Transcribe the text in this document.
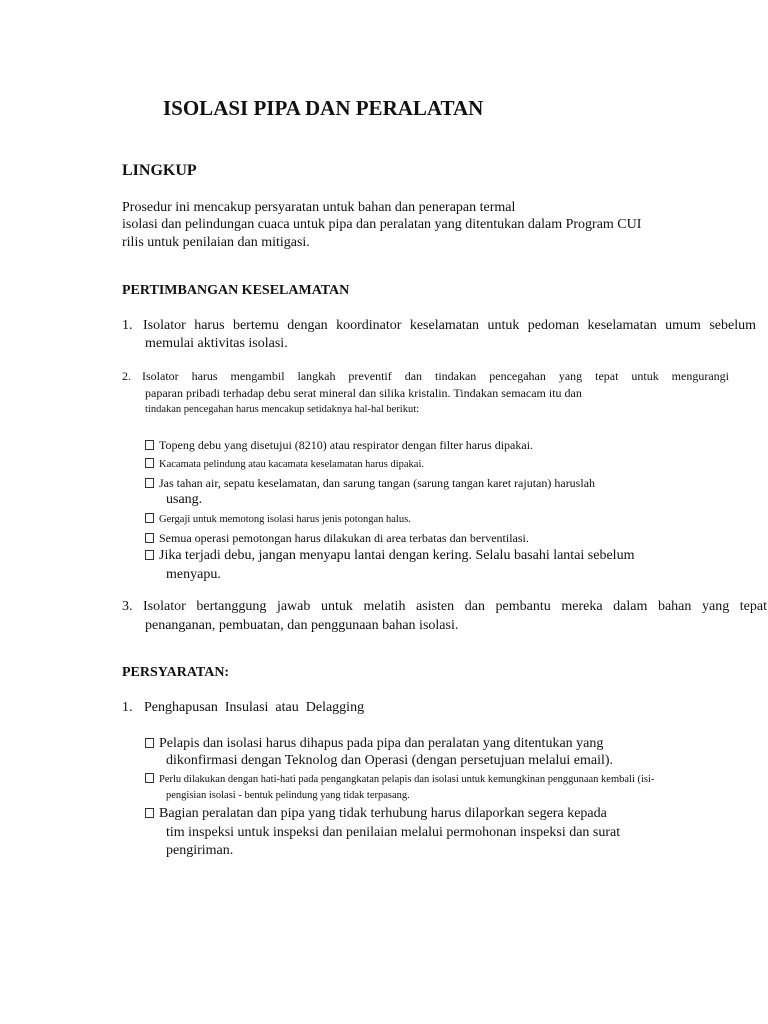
ISOLASI PIPA DAN PERALATAN
LINGKUP
Prosedur ini mencakup persyaratan untuk bahan dan penerapan termal
isolasi dan pelindungan cuaca untuk pipa dan peralatan yang ditentukan dalam Program CUI
rilis untuk penilaian dan mitigasi.
PERTIMBANGAN KESELAMATAN
1. Isolator harus bertemu dengan koordinator keselamatan untuk pedoman keselamatan umum sebelum
memulai aktivitas isolasi.
2. Isolator harus mengambil langkah preventif dan tindakan pencegahan yang tepat untuk mengurangi
paparan pribadi terhadap debu serat mineral dan silika kristalin. Tindakan semacam itu dan
tindakan pencegahan harus mencakup setidaknya hal-hal berikut:
Topeng debu yang disetujui (8210) atau respirator dengan filter harus dipakai.
Kacamata pelindung atau kacamata keselamatan harus dipakai.
Jas tahan air, sepatu keselamatan, dan sarung tangan (sarung tangan karet rajutan) haruslah
usang.
Gergaji untuk memotong isolasi harus jenis potongan halus.
Semua operasi pemotongan harus dilakukan di area terbatas dan berventilasi.
Jika terjadi debu, jangan menyapu lantai dengan kering. Selalu basahi lantai sebelum
menyapu.
3. Isolator bertanggung jawab untuk melatih asisten dan pembantu mereka dalam bahan yang tepat
penanganan, pembuatan, dan penggunaan bahan isolasi.
PERSYARATAN:
1. Penghapusan  Insulasi  atau  Delagging
Pelapis dan isolasi harus dihapus pada pipa dan peralatan yang ditentukan yang
dikonfirmasi dengan Teknolog dan Operasi (dengan persetujuan melalui email).
Perlu dilakukan dengan hati-hati pada pengangkatan pelapis dan isolasi untuk kemungkinan penggunaan kembali (isi-
pengisian isolasi - bentuk pelindung yang tidak terpasang.
Bagian peralatan dan pipa yang tidak terhubung harus dilaporkan segera kepada
tim inspeksi untuk inspeksi dan penilaian melalui permohonan inspeksi dan surat
pengiriman.
